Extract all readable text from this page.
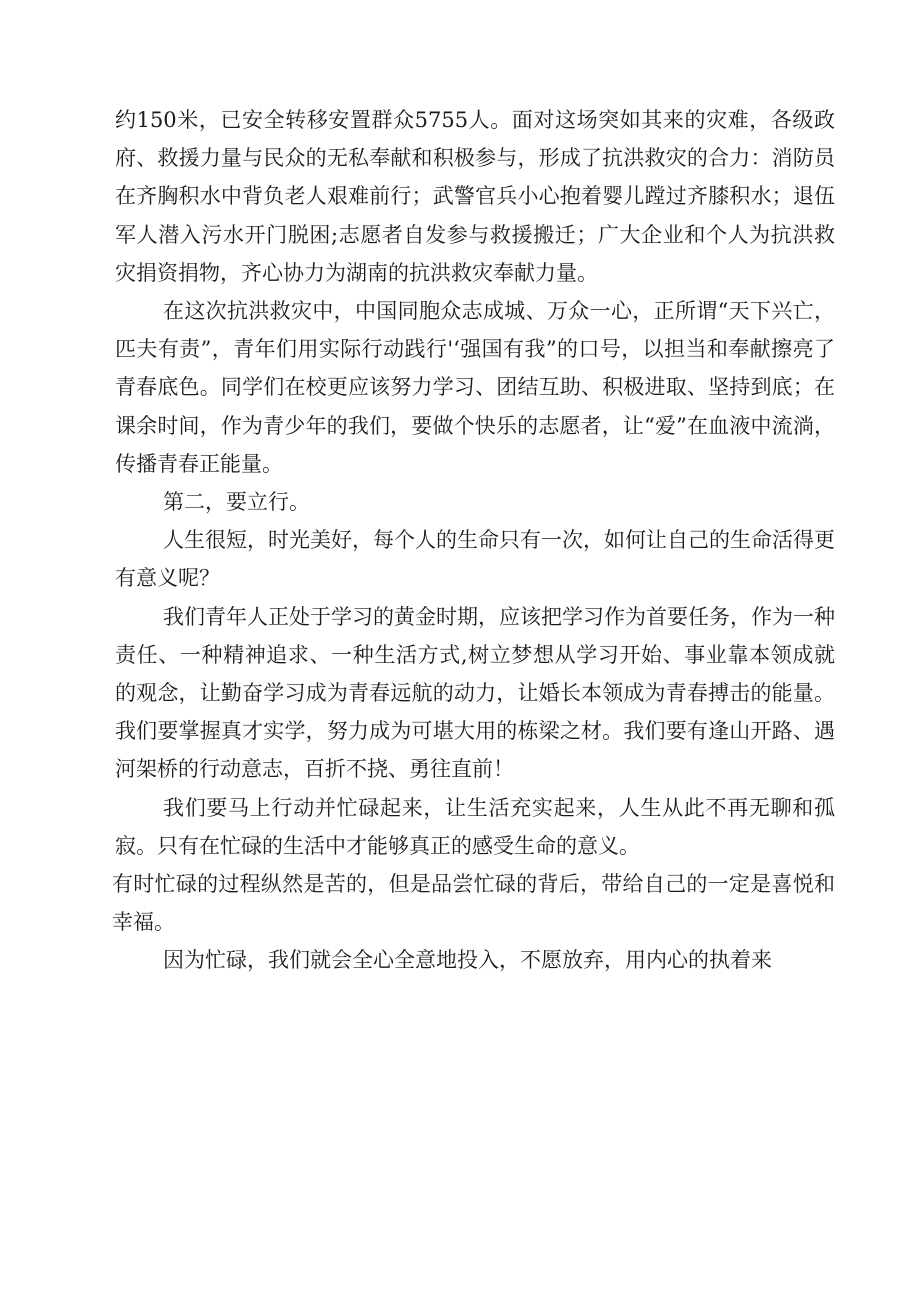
约150米，已安全转移安置群众5755人。面对这场突如其来的灾难，各级政府、救援力量与民众的无私奉献和积极参与，形成了抗洪救灾的合力：消防员在齐胸积水中背负老人艰难前行；武警官兵小心抱着婴儿蹚过齐膝积水；退伍军人潜入污水开门脱困;志愿者自发参与救援搬迁；广大企业和个人为抗洪救灾捐资捐物，齐心协力为湖南的抗洪救灾奉献力量。

在这次抗洪救灾中，中国同胞众志成城、万众一心，正所谓“天下兴亡，匹夫有责”，青年们用实际行动践行'‘强国有我”的口号，以担当和奉献擦亮了青春底色。同学们在校更应该努力学习、团结互助、积极进取、坚持到底；在课余时间，作为青少年的我们，要做个快乐的志愿者，让“爱”在血液中流淌，传播青春正能量。

第二，要立行。

人生很短，时光美好，每个人的生命只有一次，如何让自己的生命活得更有意义呢？

我们青年人正处于学习的黄金时期，应该把学习作为首要任务，作为一种责任、一种精神追求、一种生活方式,树立梦想从学习开始、事业靠本领成就的观念，让勤奋学习成为青春远航的动力，让婚长本领成为青春搏击的能量。我们要掌握真才实学，努力成为可堪大用的栋梁之材。我们要有逢山开路、遇河架桥的行动意志，百折不挠、勇往直前！

我们要马上行动并忙碌起来，让生活充实起来，人生从此不再无聊和孤寂。只有在忙碌的生活中才能够真正的感受生命的意义。

有时忙碌的过程纵然是苦的，但是品尝忙碌的背后，带给自己的一定是喜悦和幸福。

因为忙碌，我们就会全心全意地投入，不愿放弃，用内心的执着来
